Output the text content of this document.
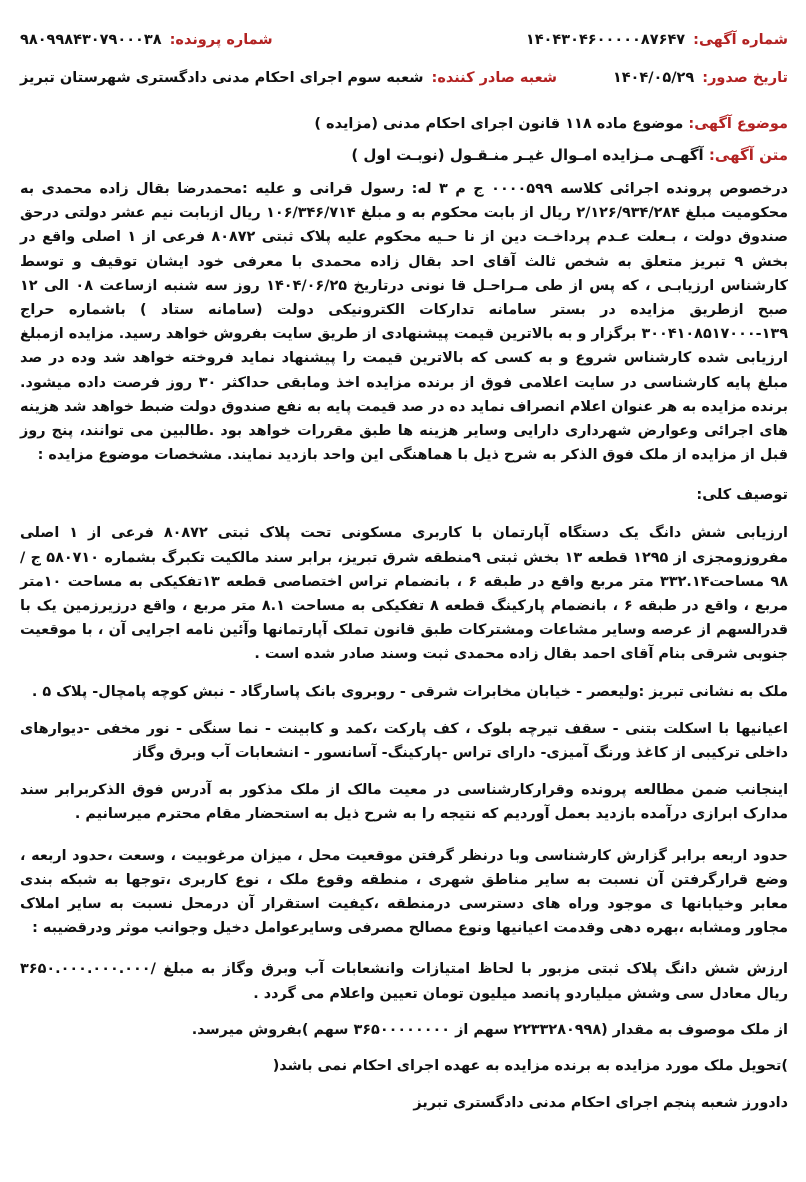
شماره آگهی:
۱۴۰۴۳۰۴۶۰۰۰۰۰۸۷۶۴۷
شماره پرونده:
۹۸۰۹۹۸۴۳۰۷۹۰۰۰۳۸
تاریخ صدور:
۱۴۰۴/۰۵/۲۹
شعبه صادر کننده:
شعبه سوم اجرای احکام مدنی دادگستری شهرستان تبریز
موضوع آگهی: موضوع ماده ۱۱۸ قانون اجرای احکام مدنی (مزایده )
متن آگهی: آگهـی مـزایده امـوال غیـر منـقـول (نوبـت اول )

درخصوص پرونده اجرائی کلاسه ۰۰۰۰۵۹۹ ج م ۳ له: رسول قرانی و علیه :محمدرضا بقال زاده محمدی به محکومیت مبلغ ۲/۱۲۶/۹۳۴/۲۸۴ ریال از بابت محکوم به و مبلغ ۱۰۶/۳۴۶/۷۱۴ ریال ازبابت نیم عشر دولتی درحق صندوق دولت ، بـعلت عـدم پرداخـت دین از نا حـیه محکوم علیه پلاک ثبتی ۸۰۸۷۲ فرعی از ۱ اصلی واقع در بخش ۹ تبریز متعلق به شخص ثالث آقای احد بقال زاده محمدی با معرفی خود ایشان توقیف و توسط کارشناس ارزیابـی ، که پس از طی مـراحـل قا نونی درتاریخ ۱۴۰۴/۰۶/۲۵ روز سه شنبه ازساعت ۰۸ الی ۱۲ صبح ازطریق مزایده در بستر سامانه تدارکات الکترونیکی دولت (سامانه ستاد ) باشماره حراج ۱۳۹-۳۰۰۴۱۰۸۵۱۷۰۰۰ برگزار و به بالاترین قیمت پیشنهادی از طریق سایت بفروش خواهد رسید. مزایده ازمبلغ ارزیابی شده کارشناس شروع و به کسی که بالاترین قیمت را پیشنهاد نماید فروخته خواهد شد وده در صد مبلغ پایه کارشناسی در سایت اعلامی فوق از برنده مزایده اخذ ومابقی حداکثر ۳۰ روز فرصت داده میشود. برنده مزایده به هر عنوان اعلام انصراف نماید ده در صد قیمت پایه به نفع صندوق دولت ضبط خواهد شد هزینه های اجرائی وعوارض شهرداری دارایی وسایر هزینه ها طبق مقررات خواهد بود .طالبین می توانند، پنج روز قبل از مزایده از ملک فوق الذکر به شرح ذیل با هماهنگی این واحد بازدید نمایند. مشخصات موضوع مزایده :

توصیف کلی:

ارزیابی شش دانگ یک دستگاه آپارتمان با کاربری مسکونی تحت پلاک ثبتی ۸۰۸۷۲ فرعی از ۱ اصلی مفروزومجزی از ۱۲۹۵ قطعه ۱۳ بخش ثبتی ۹منطقه شرق تبریز، برابر سند مالکیت تکبرگ بشماره ۵۸۰۷۱۰ ج /۹۸ مساحت۳۳۲.۱۴ متر مربع واقع در طبقه ۶ ، بانضمام تراس اختصاصی قطعه ۱۳تفکیکی به مساحت ۱۰متر مربع ، واقع در طبقه ۶ ، بانضمام پارکینگ قطعه ۸ تفکیکی به مساحت ۸.۱ متر مربع ، واقع درزیرزمین یک با قدرالسهم از عرصه وسایر مشاعات ومشترکات طبق قانون تملک آپارتمانها وآئین نامه اجرایی آن ، با موقعیت جنوبی شرقی بنام آقای احمد بقال زاده محمدی ثبت وسند صادر شده است .

ملک به نشانی تبریز :ولیعصر - خیابان مخابرات شرقی - روبروی بانک پاسارگاد - نبش کوچه پامچال- پلاک ۵ .

اعیانیها با اسکلت بتنی - سقف تیرچه بلوک ، کف پارکت ،کمد و کابینت - نما سنگی - نور مخفی -دیوارهای داخلی ترکیبی از کاغذ ورنگ آمیزی- دارای تراس -پارکینگ- آسانسور - انشعابات آب وبرق وگاز

اینجانب ضمن مطالعه پرونده وقرارکارشناسی در معیت مالک از ملک مذکور به آدرس فوق الذکربرابر سند مدارک ابرازی درآمده بازدید بعمل آوردیم که نتیجه را به شرح ذیل به استحضار مقام محترم میرسانیم .

حدود اربعه برابر گزارش کارشناسی وبا درنظر گرفتن موقعیت محل ، میزان مرغوبیت ، وسعت ،حدود اربعه ، وضع قرارگرفتن آن نسبت به سایر مناطق شهری ، منطقه وقوع ملک ، نوع کاربری ،توجها به شبکه بندی معابر وخیابانها ی موجود وراه های دسترسی درمنطقه ،کیفیت استقرار آن درمحل نسبت به سایر املاک مجاور ومشابه ،بهره دهی وقدمت اعیانیها ونوع مصالح مصرفی وسایرعوامل دخیل وجوانب موثر ودرقضیبه :

ارزش شش دانگ پلاک ثبتی مزبور با لحاظ امتیازات وانشعابات آب وبرق وگاز به مبلغ /۳۶۵۰.۰۰۰.۰۰۰.۰۰۰ ریال معادل سی وشش میلیاردو پانصد میلیون تومان تعیین واعلام می گردد .

از ملک موصوف به مقدار (۲۲۳۳۲۸۰۹۹۸ سهم از ۳۶۵۰۰۰۰۰۰۰۰ سهم )بفروش میرسد.

)تحویل ملک مورد مزایده به برنده مزایده به عهده اجرای احکام نمی باشد(

دادورز شعبه پنجم اجرای احکام مدنی دادگستری تبریز
